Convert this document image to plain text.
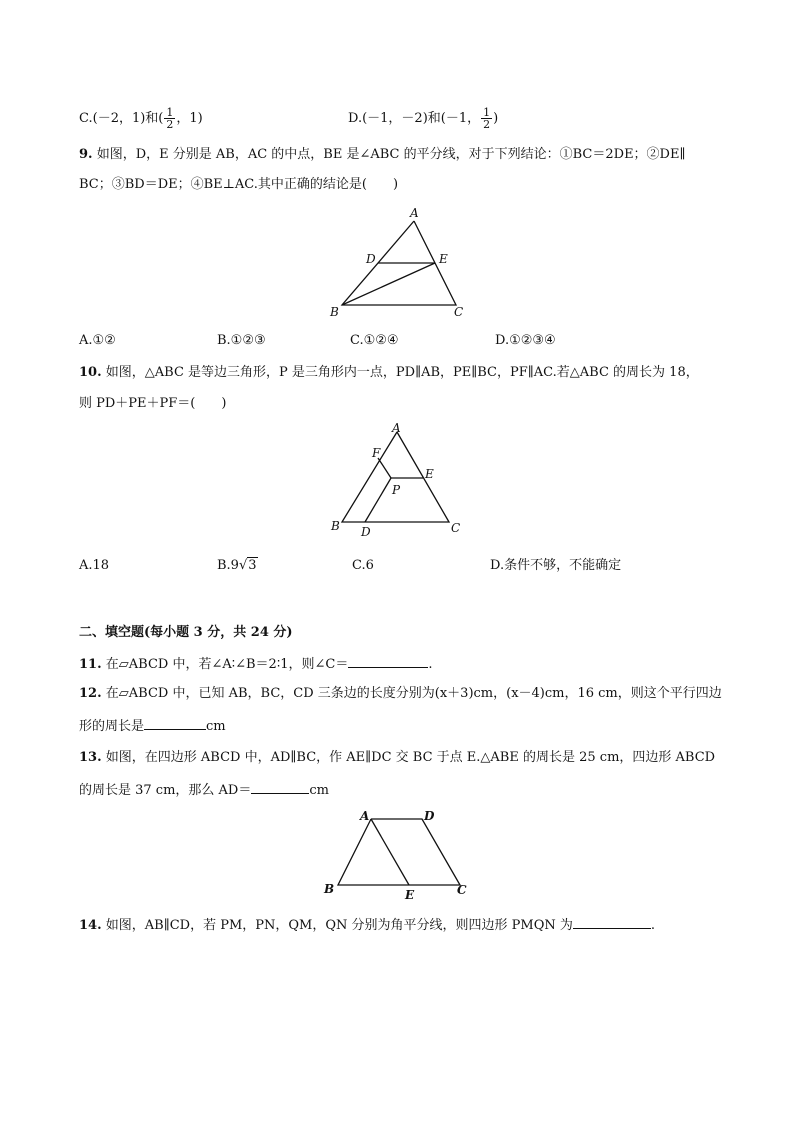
C.(－2，1)和( $\frac{1}{2}$ ，1)	D.(－1，－2)和(－1， $\frac{1}{2}$ )
9. 如图，D，E 分别是 AB，AC 的中点，BE 是∠ABC 的平分线，对于下列结论：①BC＝2DE；②DE∥
BC；③BD＝DE；④BE⊥AC.其中正确的结论是(　　)
A
D	E
B	C
A.①②	B.①②③	C.①②④	D.①②③④
10. 如图，△ABC 是等边三角形，P 是三角形内一点，PD∥AB，PE∥BC，PF∥AC.若△ABC 的周长为 18，
则 PD＋PE＋PF＝(　　)
A
F
E
P
B D	C
A.18	B.9√3	C.6	D.条件不够，不能确定
二、填空题(每小题 3 分，共 24 分)
11. 在▱ABCD 中，若∠A∶∠B＝2∶1，则∠C＝	.
12. 在▱ABCD 中，已知 AB，BC，CD 三条边的长度分别为(x＋3)cm，(x－4)cm，16 cm，则这个平行四边
形的周长是	cm
13. 如图，在四边形 ABCD 中，AD∥BC，作 AE∥DC 交 BC 于点 E.△ABE 的周长是 25 cm，四边形 ABCD
的周长是 37 cm，那么 AD＝	cm
A	D
B	E	C
14. 如图，AB∥CD，若 PM，PN，QM，QN 分别为角平分线，则四边形 PMQN 为	.
